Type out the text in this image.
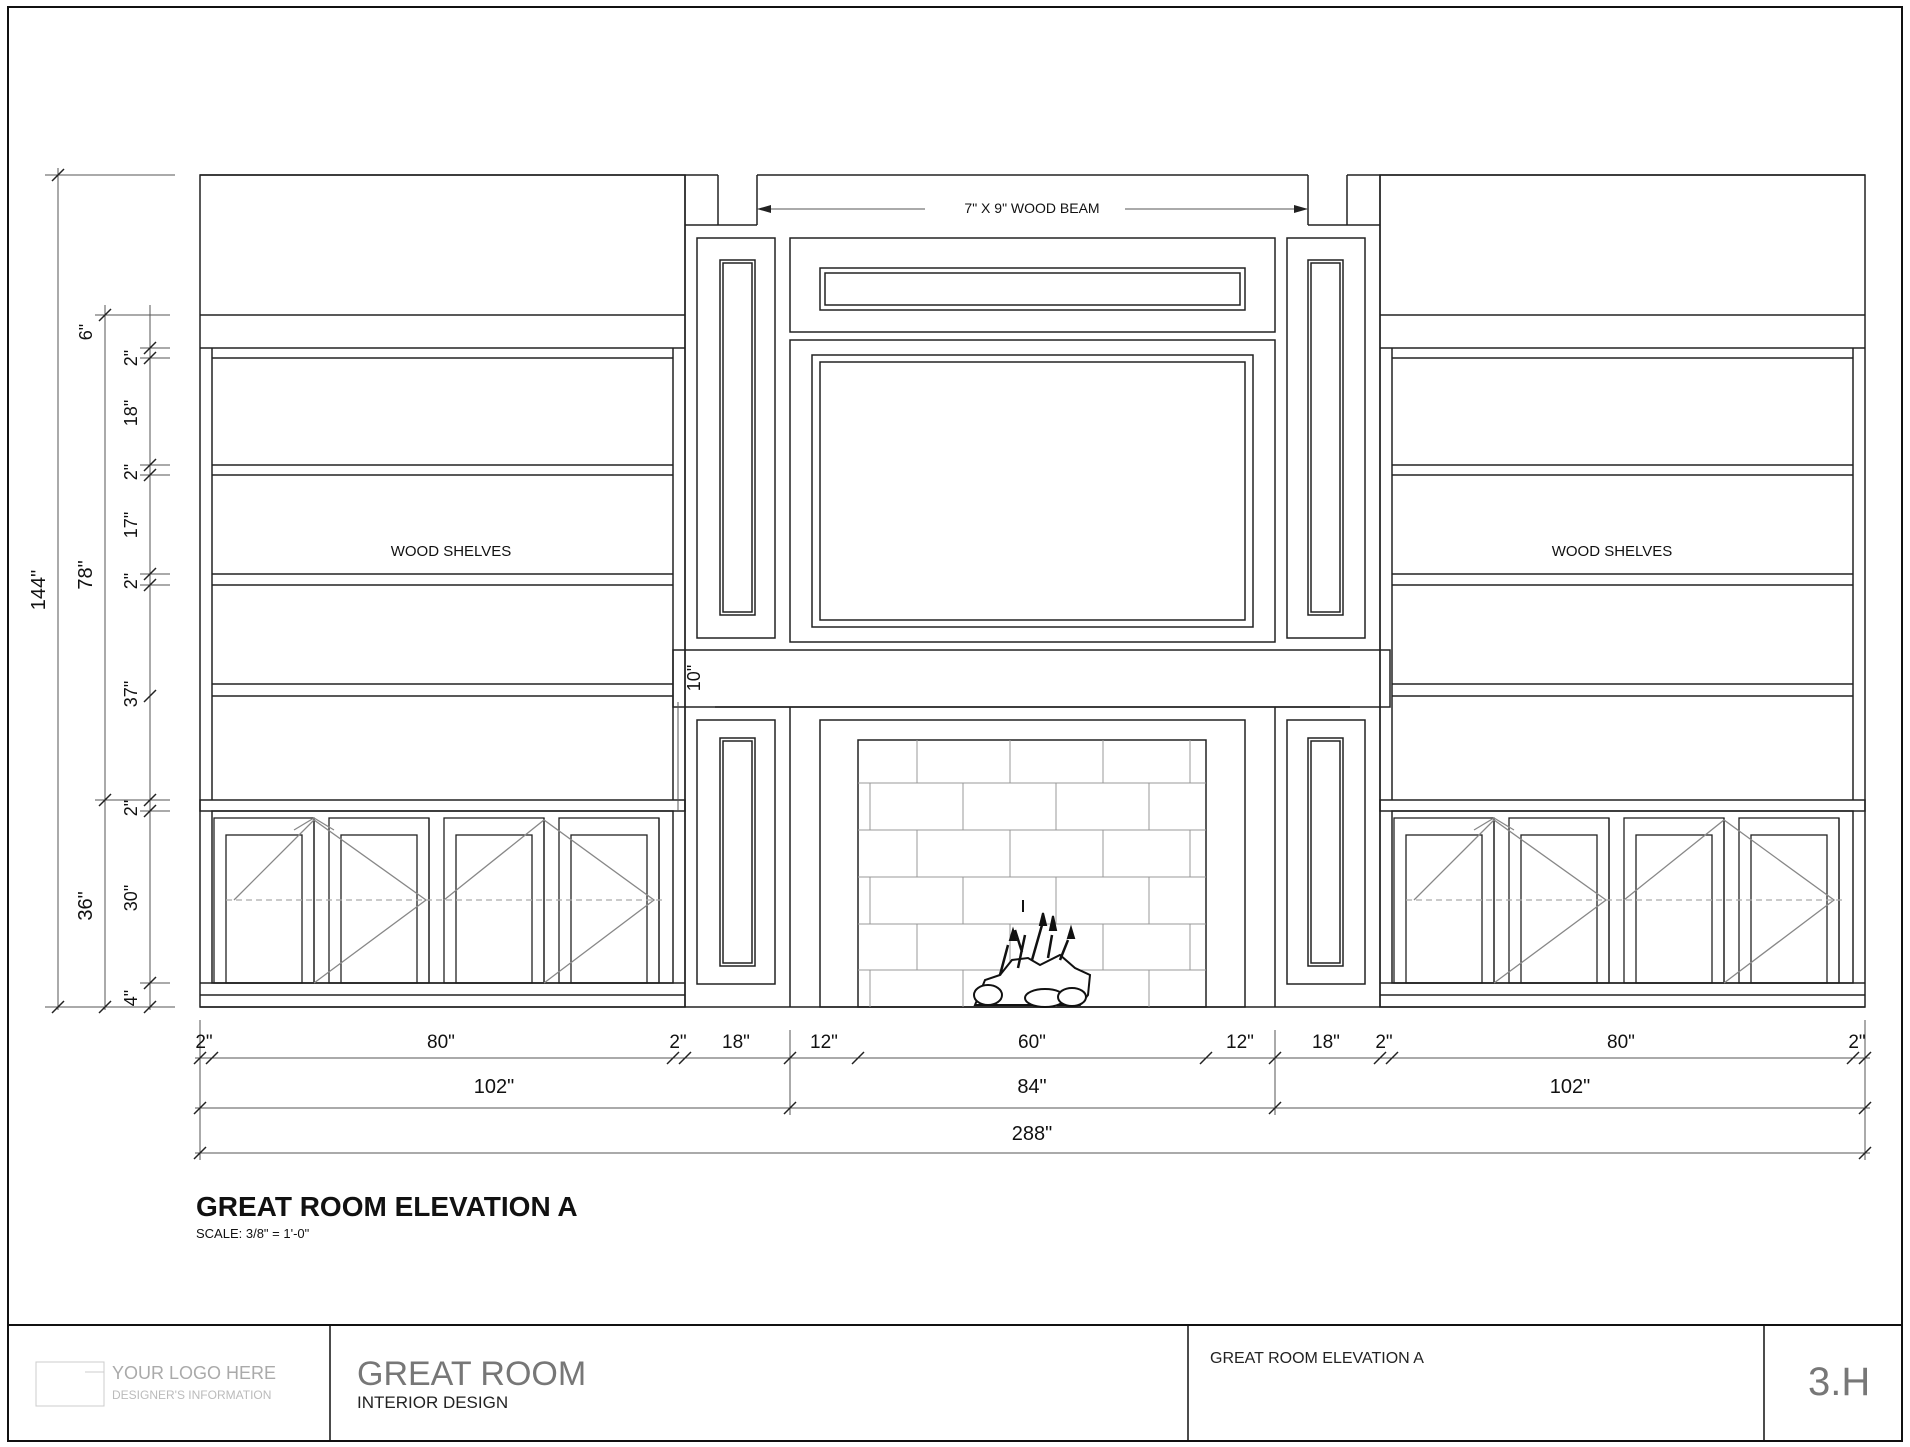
7" X 9" WOOD BEAM
WOOD SHELVES	WOOD SHELVES
10"
144" 78"
36"
6"
2"
18"
2"
17"
2"
37"
2"
30"
4"
2"	80"	2" 18"	12"	60"	12"	18" 2"	80"	2"
102"	84"	102"
288"
GREAT ROOM ELEVATION A
SCALE: 3/8" = 1'-0"
YOUR LOGO HERE
DESIGNER'S INFORMATION
GREAT ROOM
INTERIOR DESIGN
GREAT ROOM ELEVATION A
3.H
